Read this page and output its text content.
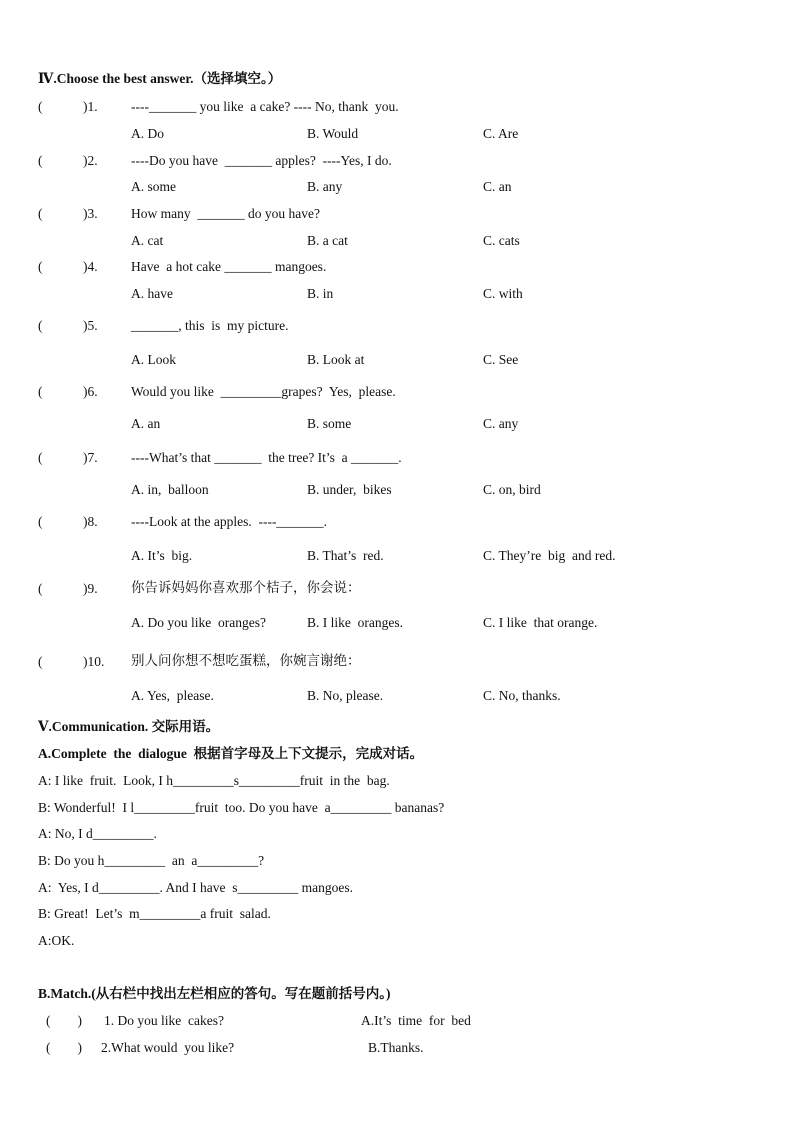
Ⅳ.Choose the best answer.（选择填空。）
(	)1. ----_______ you like  a cake? ---- No, thank  you.
A. Do	B. Would	C. Are
(	)2. ----Do you have  _______ apples?  ----Yes, I do.
A. some	B. any	C. an
(	)3. How many  _______ do you have?
A. cat	B. a cat	C. cats
(	)4. Have  a hot cake _______ mangoes.
A. have	B. in	C. with
(	)5. _______, this  is  my picture.
A. Look	B. Look at	C. See
(	)6. Would you like  _________grapes?  Yes,  please.
A. an	B. some	C. any
(	)7. ----What’s that _______  the tree? It’s  a _______.
A. in,  balloon	B. under,  bikes	C. on, bird
(	)8. ----Look at the apples.  ----_______.
A. It’s  big.	B. That’s  red.	C. They’re  big  and red.
(	)9. 你告诉妈妈你喜欢那个桔子，你会说：
A. Do you like  oranges?	B. I like  oranges.	C. I like  that orange.
(	)10. 别人问你想不想吃蛋糕，你婉言谢绝：
A. Yes,  please.	B. No, please.	C. No, thanks.
Ⅴ.Communication. 交际用语。
A.Complete  the  dialogue  根据首字母及上下文提示，完成对话。
A: I like  fruit.  Look, I h_________s_________fruit  in the  bag.
B: Wonderful!  I l_________fruit  too. Do you have  a_________ bananas?
A: No, I d_________.
B: Do you h_________  an  a_________?
A:  Yes, I d_________. And I have  s_________ mangoes.
B: Great!  Let’s  m_________a fruit  salad.
A:OK.
B.Match.(从右栏中找出左栏相应的答句。写在题前括号内。)
(        ) 1. Do you like  cakes?	A.It’s  time  for  bed
(        ) 2.What would  you like?	B.Thanks.
